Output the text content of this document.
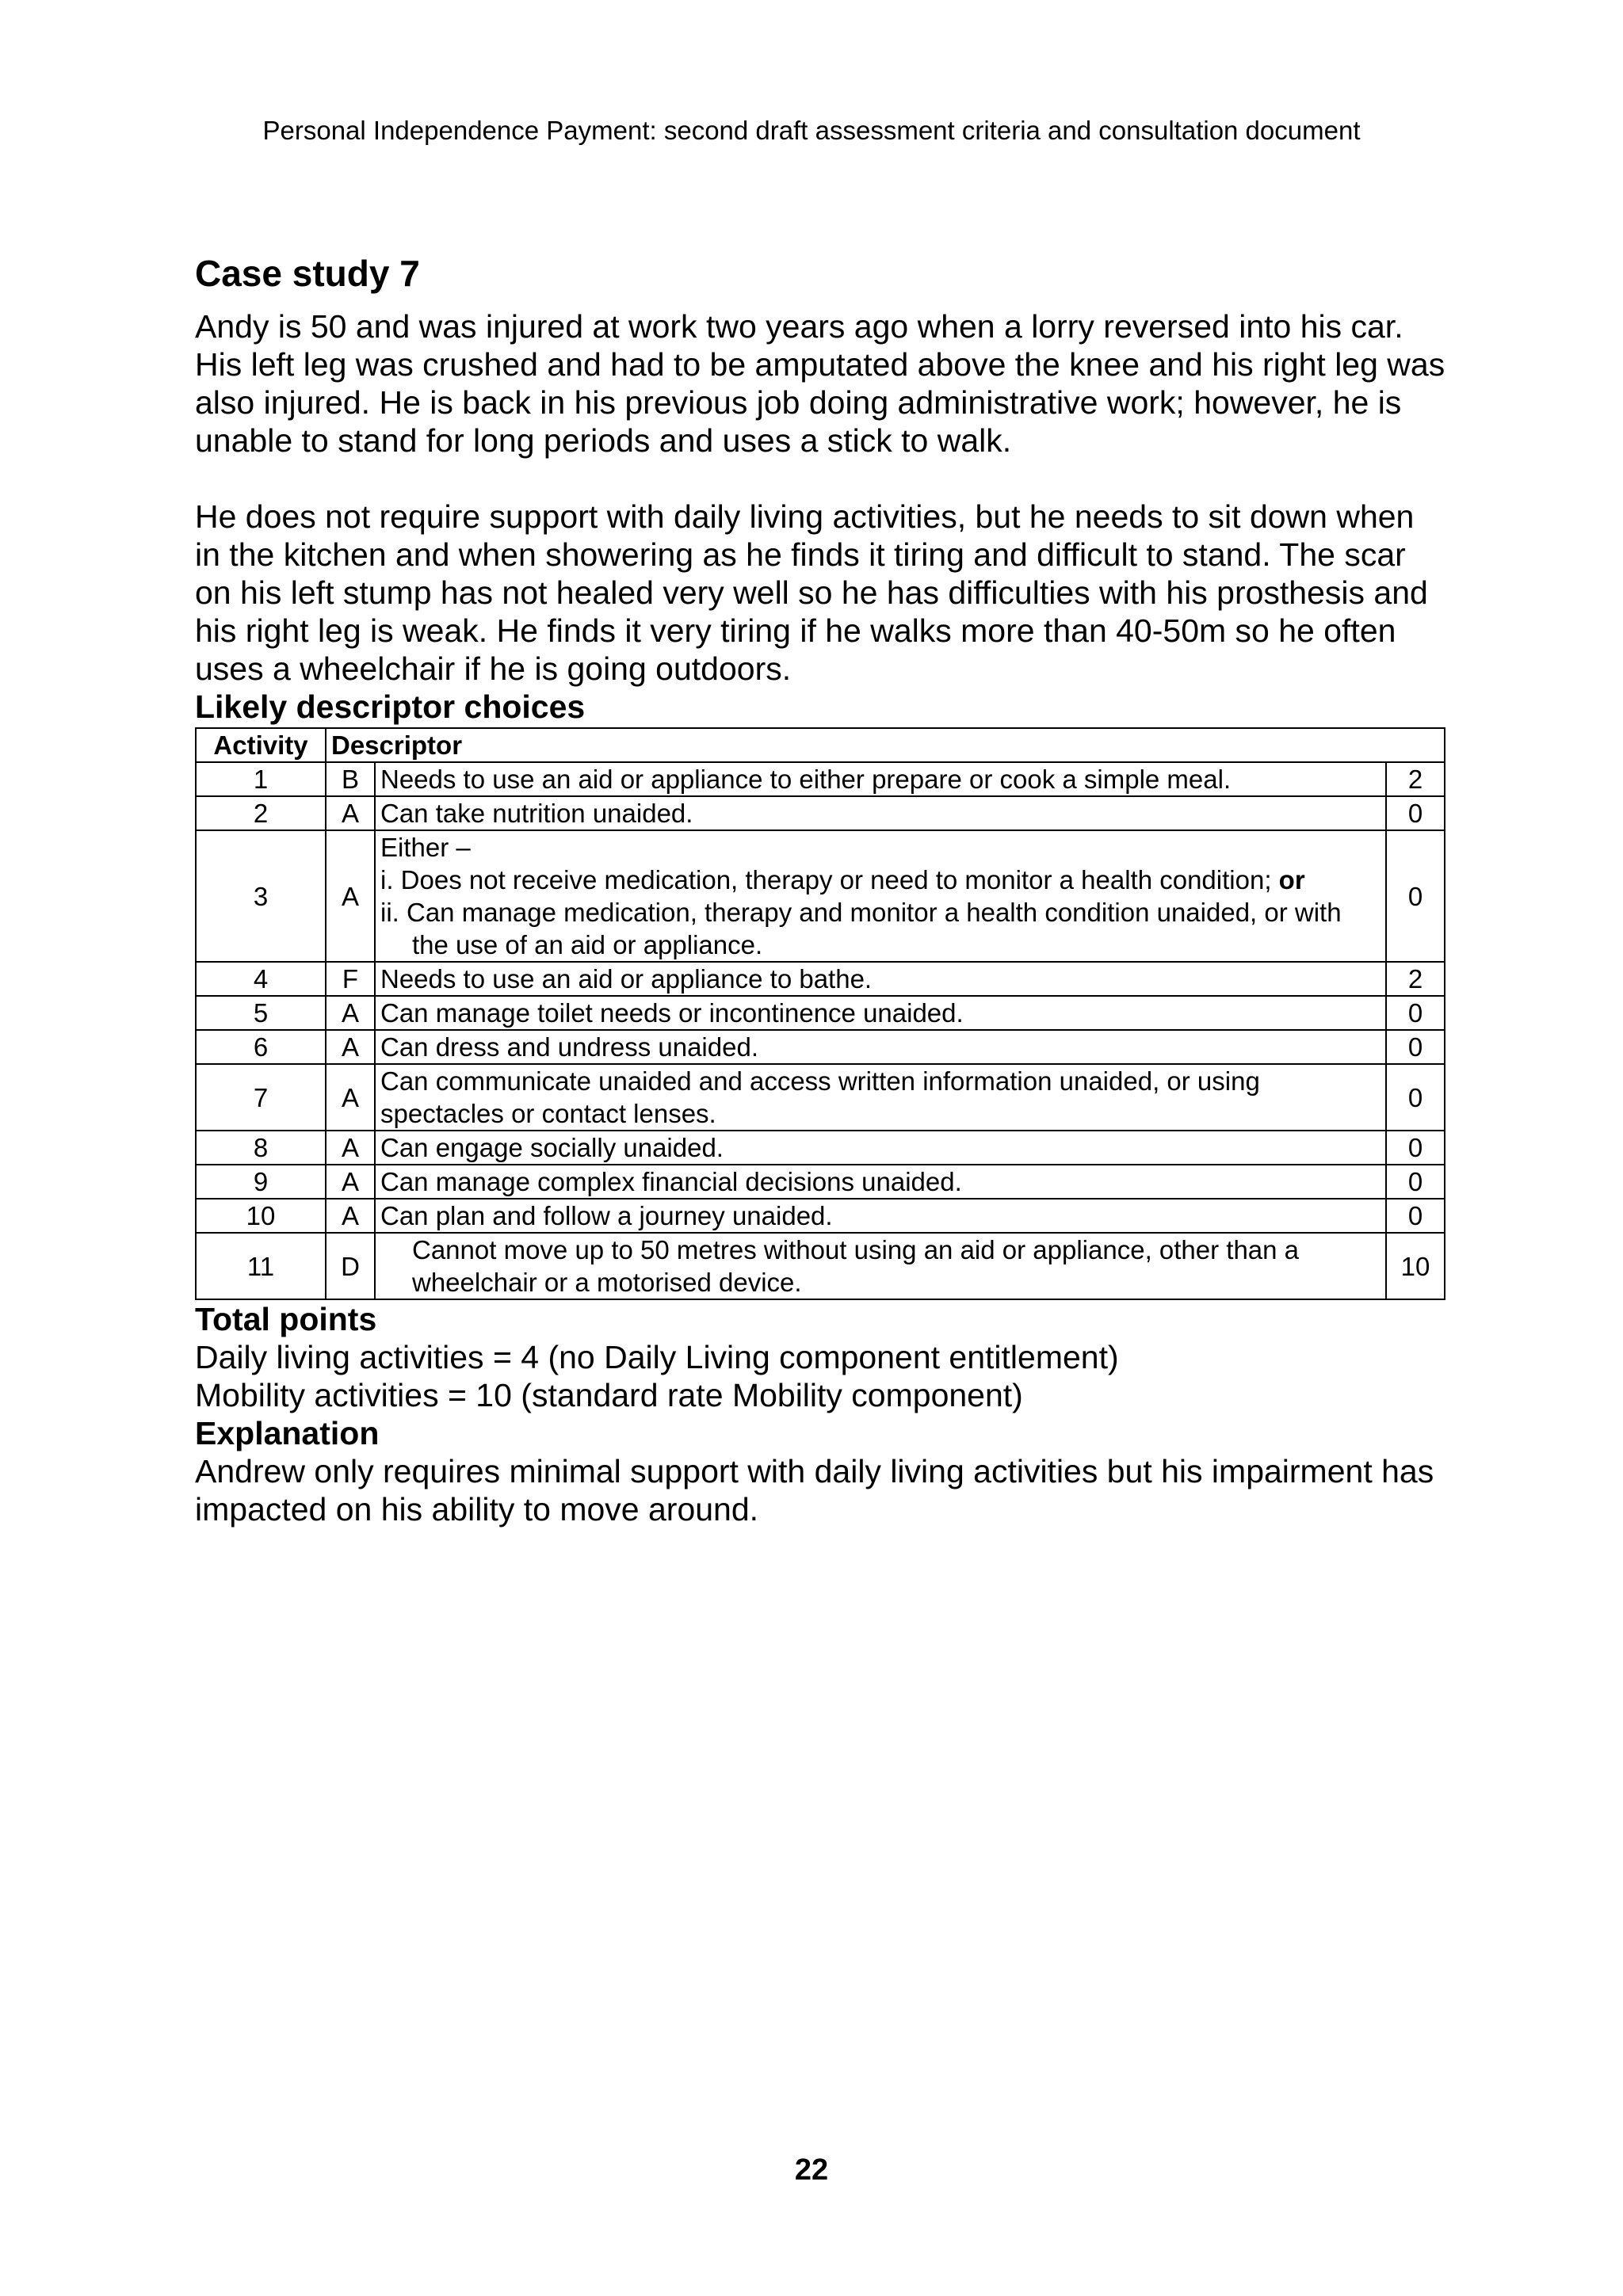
Personal Independence Payment: second draft assessment criteria and consultation document
Case study 7

Andy is 50 and was injured at work two years ago when a lorry reversed into his car. His left leg was crushed and had to be amputated above the knee and his right leg was also injured. He is back in his previous job doing administrative work; however, he is unable to stand for long periods and uses a stick to walk.

He does not require support with daily living activities, but he needs to sit down when in the kitchen and when showering as he finds it tiring and difficult to stand. The scar on his left stump has not healed very well so he has difficulties with his prosthesis and his right leg is weak. He finds it very tiring if he walks more than 40-50m so he often uses a wheelchair if he is going outdoors.

Likely descriptor choices
Activity	Descriptor		
1	B	Needs to use an aid or appliance to either prepare or cook a simple meal.	2
2	A	Can take nutrition unaided.	0
3	A	Either –
i. Does not receive medication, therapy or need to monitor a health condition; or
ii. Can manage medication, therapy and monitor a health condition unaided, or with the use of an aid or appliance.	0
4	F	Needs to use an aid or appliance to bathe.	2
5	A	Can manage toilet needs or incontinence unaided.	0
6	A	Can dress and undress unaided.	0
7	A	Can communicate unaided and access written information unaided, or using spectacles or contact lenses.	0
8	A	Can engage socially unaided.	0
9	A	Can manage complex financial decisions unaided.	0
10	A	Can plan and follow a journey unaided.	0
11	D	Cannot move up to 50 metres without using an aid or appliance, other than a wheelchair or a motorised device.	10
Total points

Daily living activities = 4 (no Daily Living component entitlement)

Mobility activities = 10 (standard rate Mobility component)

Explanation

Andrew only requires minimal support with daily living activities but his impairment has impacted on his ability to move around.

22
